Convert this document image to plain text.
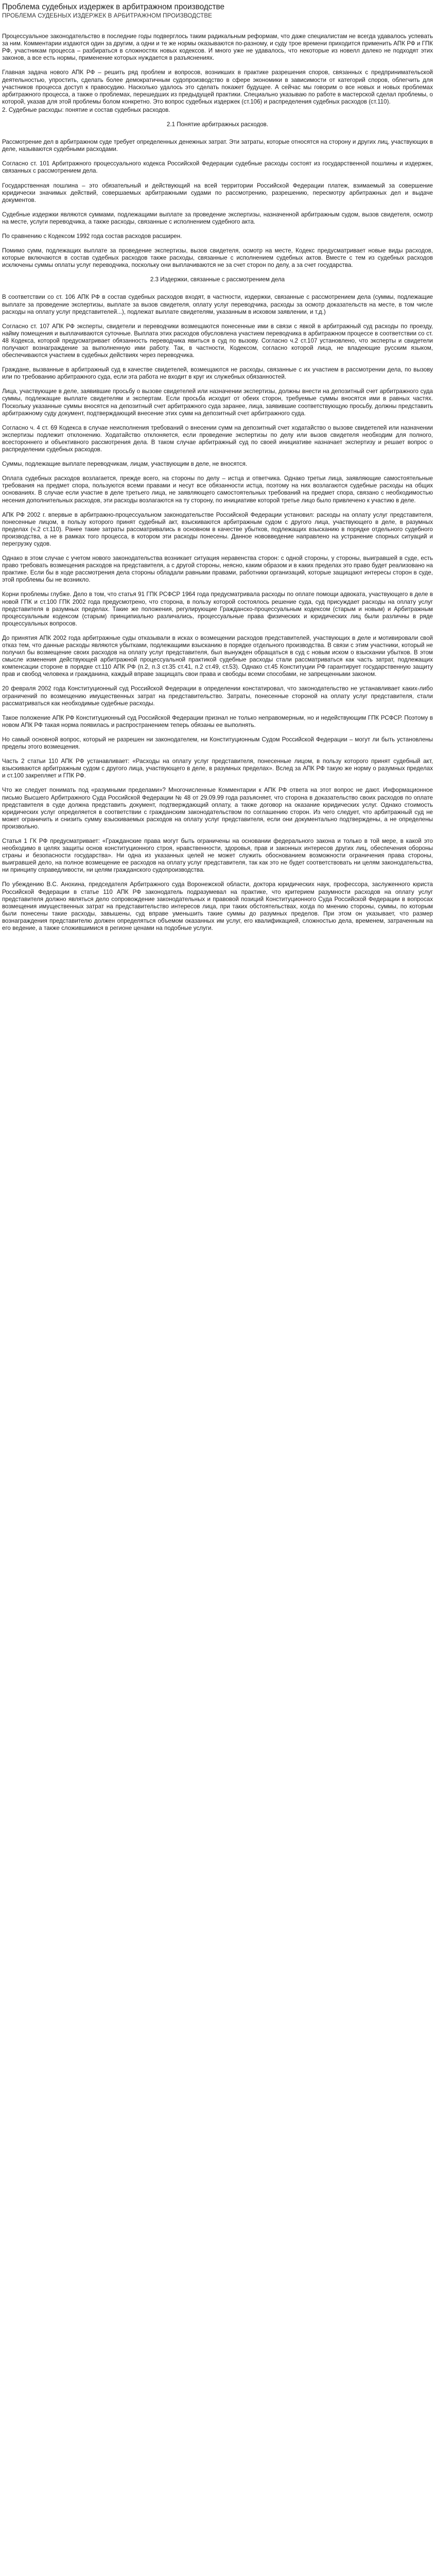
Проблема судебных издержек в арбитражном производстве
ПРОБЛЕМА СУДЕБНЫХ ИЗДЕРЖЕК В АРБИТРАЖНОМ ПРОИЗВОДСТВЕ

Процессуальное законодательство в последние годы подверглось таким радикальным реформам, что даже специалистам не всегда удавалось успевать за ним. Комментарии издаются один за другим, а одни и те же нормы оказываются по-разному, и суду трое времени приходится применить АПК РФ и ГПК РФ, участникам процесса – разбираться в сложностях новых кодексов. И много уже не удавалось, что некоторые из новелл далеко не подходят этих законов, а все есть нормы, применение которых нуждается в разъяснениях.

Главная задача нового АПК РФ – решить ряд проблем и вопросов, возникших в практике разрешения споров, связанных с предпринимательской деятельностью, упростить, сделать более демократичным судопроизводство в сфере экономики в зависимости от категорий споров, облегчить для участников процесса доступ к правосудию. Насколько удалось это сделать покажет будущее. А сейчас мы говорим о все новых и новых проблемах арбитражного процесса, а также о проблемах, перешедших из предыдущей практики. Специально указываю по работе в мастерской сделал проблемы, о которой, указав для этой проблемы болом конкретно. Это вопрос судебных издержек (ст.106) и распределения судебных расходов (ст.110).

2. Судебные расходы: понятие и состав судебных расходов.

2.1 Понятие арбитражных расходов.

Рассмотрение дел в арбитражном суде требует определенных денежных затрат. Эти затраты, которые относятся на сторону и других лиц, участвующих в деле, называются судебными расходами.

Согласно ст. 101 Арбитражного процессуального кодекса Российской Федерации судебные расходы состоят из государственной пошлины и издержек, связанных с рассмотрением дела.

Государственная пошлина – это обязательный и действующий на всей территории Российской Федерации платеж, взимаемый за совершение юридически значимых действий, совершаемых арбитражными судами по рассмотрению, разрешению, пересмотру арбитражных дел и выдаче документов.

Судебные издержки являются суммами, подлежащими выплате за проведение экспертизы, назначенной арбитражным судом, вызов свидетеля, осмотр на месте, услуги переводчика, а также расходы, связанные с исполнением судебного акта.

По сравнению с Кодексом 1992 года состав расходов расширен.

Помимо сумм, подлежащих выплате за проведение экспертизы, вызов свидетеля, осмотр на месте, Кодекс предусматривает новые виды расходов, которые включаются в состав судебных расходов также расходы, связанные с исполнением судебных актов. Вместе с тем из судебных расходов исключены суммы оплаты услуг переводчика, поскольку они выплачиваются не за счет сторон по делу, а за счет государства.

2.3 Издержки, связанные с рассмотрением дела

В соответствии со ст. 106 АПК РФ в состав судебных расходов входят, в частности, издержки, связанные с рассмотрением дела (суммы, подлежащие выплате за проведение экспертизы, выплате за вызов свидетеля, оплату услуг переводчика, расходы за осмотр доказательств на месте, в том числе расходы на оплату услуг представителей...), подлежат выплате свидетелям, указанным в исковом заявлении, и т.д.)

Согласно ст. 107 АПК РФ эксперты, свидетели и переводчики возмещаются понесенные ими в связи с явкой в арбитражный суд расходы по проезду, найму помещения и выплачиваются суточные. Выплата этих расходов обусловлена участием переводчика в арбитражном процессе в соответствии со ст. 48 Кодекса, которой предусматривает обязанность переводчика явиться в суд по вызову. Согласно ч.2 ст.107 установлено, что эксперты и свидетели получают вознаграждение за выполненную ими работу. Так, в частности, Кодексом, согласно которой лица, не владеющие русским языком, обеспечиваются участием в судебных действиях через переводчика.

Граждане, вызванные в арбитражный суд в качестве свидетелей, возмещаются не расходы, связанные с их участием в рассмотрении дела, по вызову или по требованию арбитражного суда, если эта работа не входит в круг их служебных обязанностей.

Лица, участвующие в деле, заявившие просьбу о вызове свидетелей или назначении экспертизы, должны внести на депозитный счет арбитражного суда суммы, подлежащие выплате свидетелям и экспертам. Если просьба исходит от обеих сторон, требуемые суммы вносятся ими в равных частях. Поскольку указанные суммы вносятся на депозитный счет арбитражного суда заранее, лица, заявившие соответствующую просьбу, должны представить арбитражному суду документ, подтверждающий внесение этих сумм на депозитный счет арбитражного суда.

Согласно ч. 4 ст. 69 Кодекса в случае неисполнения требований о внесении сумм на депозитный счет ходатайство о вызове свидетелей или назначении экспертизы подлежит отклонению. Ходатайство отклоняется, если проведение экспертизы по делу или вызов свидетеля необходим для полного, всестороннего и объективного рассмотрения дела. В таком случае арбитражный суд по своей инициативе назначает экспертизу и решает вопрос о распределении судебных расходов.

Суммы, подлежащие выплате переводчикам, лицам, участвующим в деле, не вносятся.

Оплата судебных расходов возлагается, прежде всего, на стороны по делу – истца и ответчика. Однако третьи лица, заявляющие самостоятельные требования на предмет спора, пользуются всеми правами и несут все обязанности истца, поэтому на них возлагаются судебные расходы на общих основаниях. В случае если участие в деле третьего лица, не заявляющего самостоятельных требований на предмет спора, связано с необходимостью несения дополнительных расходов, эти расходы возлагаются на ту сторону, по инициативе которой третье лицо было привлечено к участию в деле.

АПК РФ 2002 г. впервые в арбитражно-процессуальном законодательстве Российской Федерации установил: расходы на оплату услуг представителя, понесенные лицом, в пользу которого принят судебный акт, взыскиваются арбитражным судом с другого лица, участвующего в деле, в разумных пределах (ч.2 ст.110). Ранее такие затраты рассматривались в основном в качестве убытков, подлежащих взысканию в порядке отдельного судебного производства, а не в рамках того процесса, в котором эти расходы понесены. Данное нововведение направлено на устранение спорных ситуаций и перегрузку судов.

Однако в этом случае с учетом нового законодательства возникает ситуация неравенства сторон: с одной стороны, у стороны, выигравшей в суде, есть право требовать возмещения расходов на представителя, а с другой стороны, неясно, каким образом и в каких пределах это право будет реализовано на практике. Если бы в ходе рассмотрения дела стороны обладали равными правами, работники организаций, которые защищают интересы сторон в суде, этой проблемы бы не возникло.

Корни проблемы глубже. Дело в том, что статья 91 ГПК РСФСР 1964 года предусматривала расходы по оплате помощи адвоката, участвующего в деле в новой ГПК и ст.100 ГПК 2002 года предусмотрено, что сторона, в пользу которой состоялось решение суда, суд присуждает расходы на оплату услуг представителя в разумных пределах. Такие же положения, регулирующие Гражданско-процессуальным кодексом (старым и новым) и Арбитражным процессуальным кодексом (старым) принципиально различались, процессуальные права физических и юридических лиц были различны в ряде процессуальных вопросов.

До принятия АПК 2002 года арбитражные суды отказывали в исках о возмещении расходов представителей, участвующих в деле и мотивировали свой отказ тем, что данные расходы являются убытками, подлежащими взысканию в порядке отдельного производства. В связи с этим участники, который не получил бы возмещение своих расходов на оплату услуг представителя, был вынужден обращаться в суд с новым иском о взыскании убытков. В этом смысле изменения действующей арбитражной процессуальной практикой судебные расходы стали рассматриваться как часть затрат, подлежащих компенсации стороне в порядке ст.110 АПК РФ (п.2, п.3 ст.35 ст.41, п.2 ст.49, ст.53). Однако ст.45 Конституции РФ гарантирует государственную защиту прав и свобод человека и гражданина, каждый вправе защищать свои права и свободы всеми способами, не запрещенными законом.

20 февраля 2002 года Конституционный суд Российской Федерации в определении констатировал, что законодательство не устанавливает каких-либо ограничений по возмещению имущественных затрат на представительство. Затраты, понесенные стороной на оплату услуг представителя, стали рассматриваться как необходимые судебные расходы.

Такое положение АПК РФ Конституционный суд Российской Федерации признал не только неправомерным, но и недействующим ГПК РСФСР. Поэтому в новом АПК РФ такая норма появилась и распространением теперь обязаны ее выполнять.

Но самый основной вопрос, который не разрешен ни законодателем, ни Конституционным Судом Российской Федерации – могут ли быть установлены пределы этого возмещения.

Часть 2 статьи 110 АПК РФ устанавливает: «Расходы на оплату услуг представителя, понесенные лицом, в пользу которого принят судебный акт, взыскиваются арбитражным судом с другого лица, участвующего в деле, в разумных пределах». Вслед за АПК РФ такую же норму о разумных пределах и ст.100 закрепляет и ГПК РФ.

Что же следует понимать под «разумными пределами»? Многочисленные Комментарии к АПК РФ ответа на этот вопрос не дают. Информационное письмо Высшего Арбитражного Суда Российской Федерации № 48 от 29.09.99 года разъясняет, что сторона в доказательство своих расходов по оплате представителя в суде должна представить документ, подтверждающий оплату, а также договор на оказание юридических услуг. Однако стоимость юридических услуг определяется в соответствии с гражданским законодательством по соглашению сторон. Из чего следует, что арбитражный суд не может ограничить и снизить сумму взыскиваемых расходов на оплату услуг представителя, если они документально подтверждены, а не определены произвольно.

Статья 1 ГК РФ предусматривает: «Гражданские права могут быть ограничены на основании федерального закона и только в той мере, в какой это необходимо в целях защиты основ конституционного строя, нравственности, здоровья, прав и законных интересов других лиц, обеспечения обороны страны и безопасности государства». Ни одна из указанных целей не может служить обоснованием возможности ограничения права стороны, выигравшей дело, на полное возмещение ее расходов на оплату услуг представителя, так как это не будет соответствовать ни целям законодательства, ни принципу справедливости, ни целям гражданского судопроизводства.

По убеждению В.С. Анохина, председателя Арбитражного суда Воронежской области, доктора юридических наук, профессора, заслуженного юриста Российской Федерации в статье 110 АПК РФ законодатель подразумевал на практике, что критерием разумности расходов на оплату услуг представителя должно являться дело сопровождение законодательных и правовой позиций Конституционного Суда Российской Федерации в вопросах возмещения имущественных затрат на представительство интересов лица, при таких обстоятельствах, когда по мнению стороны, суммы, по которым были понесены такие расходы, завышены, суд вправе уменьшить такие суммы до разумных пределов. При этом он указывает, что размер вознаграждения представителю должен определяться объемом оказанных им услуг, его квалификацией, сложностью дела, временем, затраченным на его ведение, а также сложившимися в регионе ценами на подобные услуги.
